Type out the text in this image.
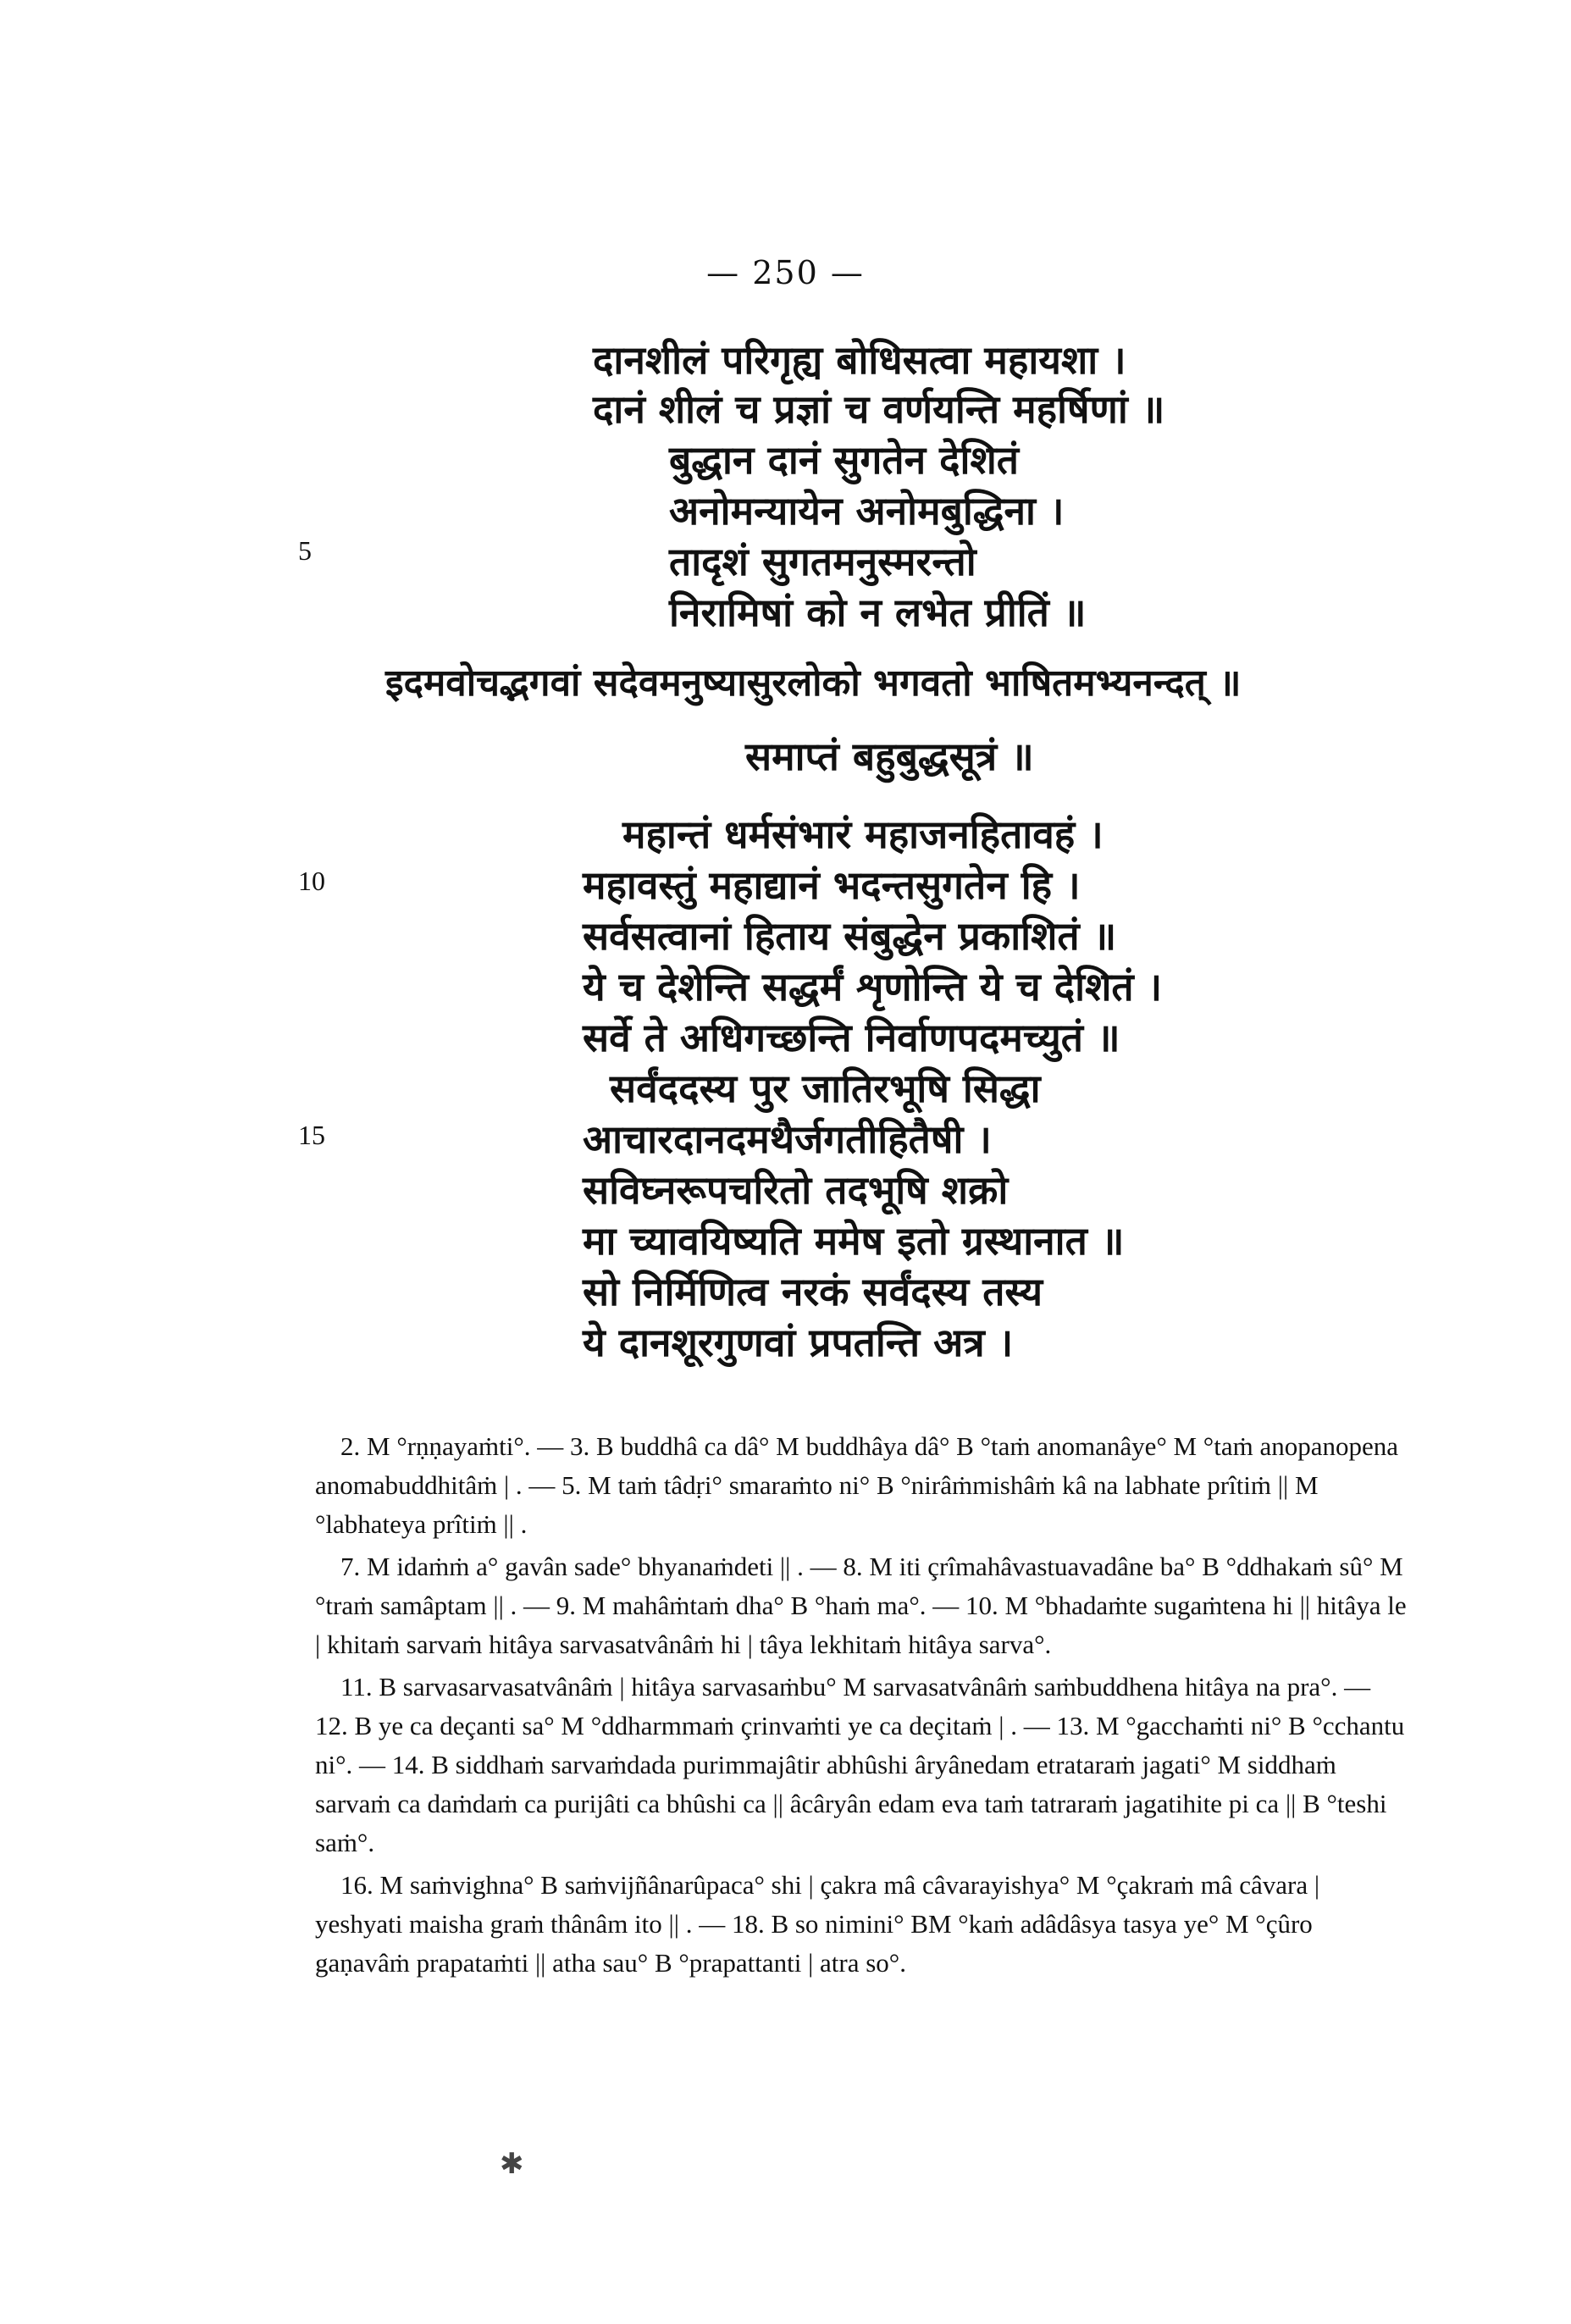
— 250 —
दानशीलं परिगृह्य बोधिसत्वा महायशा ।
दानं शीलं च प्रज्ञां च वर्णयन्ति महर्षिणां ॥
बुद्धान दानं सुगतेन देशितं
अनोमन्यायेन अनोमबुद्धिना ।
तादृशं सुगतमनुस्मरन्तो
निरामिषां को न लभेत प्रीतिं ॥
इदमवोचद्भगवां सदेवमनुष्यासुरलोको भगवतो भाषितमभ्यनन्दत् ॥
समाप्तं बहुबुद्धसूत्रं ॥
महान्तं धर्मसंभारं महाजनहितावहं ।
महावस्तुं महाद्यानं भदन्तसुगतेन हि ।
सर्वसत्वानां हिताय संबुद्धेन प्रकाशितं ॥
ये च देशेन्ति सद्धर्मं शृणोन्ति ये च देशितं ।
सर्वे ते अधिगच्छन्ति निर्वाणपदमच्युतं ॥
सर्वंददस्य पुर जातिरभूषि सिद्धा
आचारदानदमथैर्जगतीहितैषी ।
सविघ्नरूपचरितो तदभूषि शक्रो
मा च्यावयिष्यति ममेष इतो ग्रस्थानात ॥
सो निर्मिणित्व नरकं सर्वंदस्य तस्य
ये दानशूरगुणवां प्रपतन्ति अत्र ।
5
10
15

2. M °rṇṇayaṁti°. — 3. B buddhâ ca dâ° M buddhâya dâ° B °taṁ anomanâye° M °taṁ anopanopena anomabuddhitâṁ | . — 5. M taṁ tâdṛi° smaraṁto ni° B °nirâṁmishâṁ kâ na labhate prîtiṁ || M °labhateya prîtiṁ || .

7. M idaṁṁ a° gavân sade° bhyanaṁdeti || . — 8. M iti çrîmahâvastuavadâne ba° B °ddhakaṁ sû° M °traṁ samâptam || . — 9. M mahâṁtaṁ dha° B °haṁ ma°. — 10. M °bhadaṁte sugaṁtena hi || hitâya le | khitaṁ sarvaṁ hitâya sarvasatvânâṁ hi | tâya lekhitaṁ hitâya sarva°.

11. B sarvasarvasatvânâṁ | hitâya sarvasaṁbu° M sarvasatvânâṁ saṁbuddhena hitâya na pra°. — 12. B ye ca deçanti sa° M °ddharmmaṁ çrinvaṁti ye ca deçitaṁ | . — 13. M °gacchaṁti ni° B °cchantu ni°. — 14. B siddhaṁ sarvaṁdada purimmajâtir abhûshi âryânedam etrataraṁ jagati° M siddhaṁ sarvaṁ ca daṁdaṁ ca purijâti ca bhûshi ca || âcâryân edam eva taṁ tatraraṁ jagatihite pi ca || B °teshi saṁ°.

16. M saṁvighna° B saṁvijñânarûpaca° shi | çakra mâ câvarayishya° M °çakraṁ mâ câvara | yeshyati maisha graṁ thânâm ito || . — 18. B so nimini° BM °kaṁ adâdâsya tasya ye° M °çûro gaṇavâṁ prapataṁti || atha sau° B °prapattanti | atra so°.

✱
